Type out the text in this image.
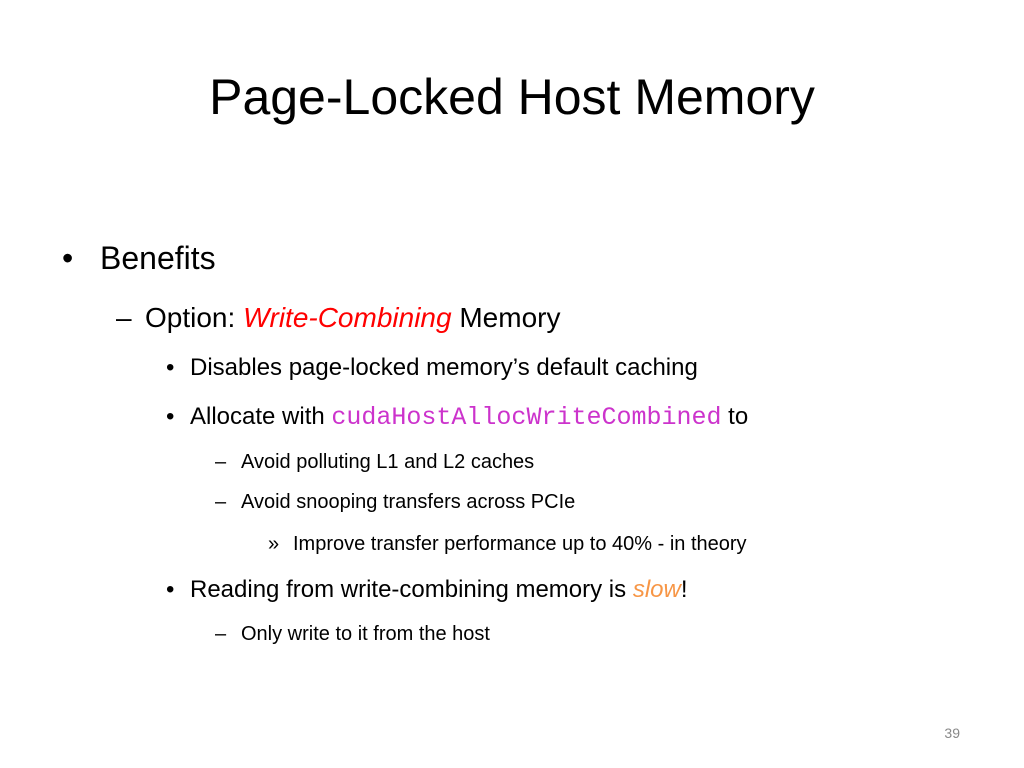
Page-Locked Host Memory
• Benefits
– Option: Write-Combining Memory
• Disables page-locked memory’s default caching
• Allocate with cudaHostAllocWriteCombined to
– Avoid polluting L1 and L2 caches
– Avoid snooping transfers across PCIe
» Improve transfer performance up to 40% - in theory
• Reading from write-combining memory is slow!
– Only write to it from the host
39
